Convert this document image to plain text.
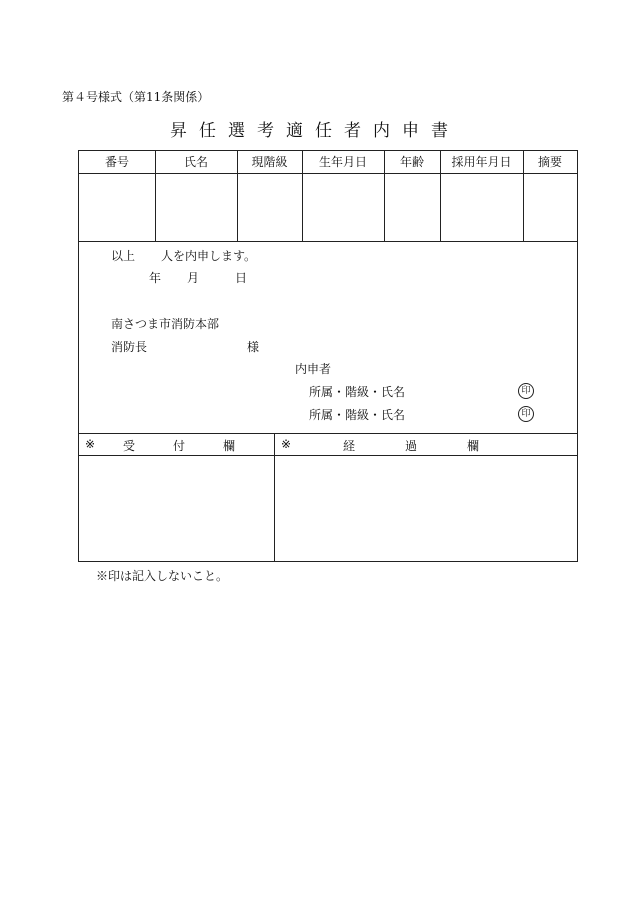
第４号様式（第11条関係）
昇任選考適任者内申書
番号	氏名	現階級	生年月日	年齢	採用年月日	摘要
以上 人を内申します。
年 月	日
南さつま市消防本部
消防長	様
内申者
所属・階級・氏名	印
所属・階級・氏名	印
※ 受	付	欄	※	経	過	欄
※印は記入しないこと。
